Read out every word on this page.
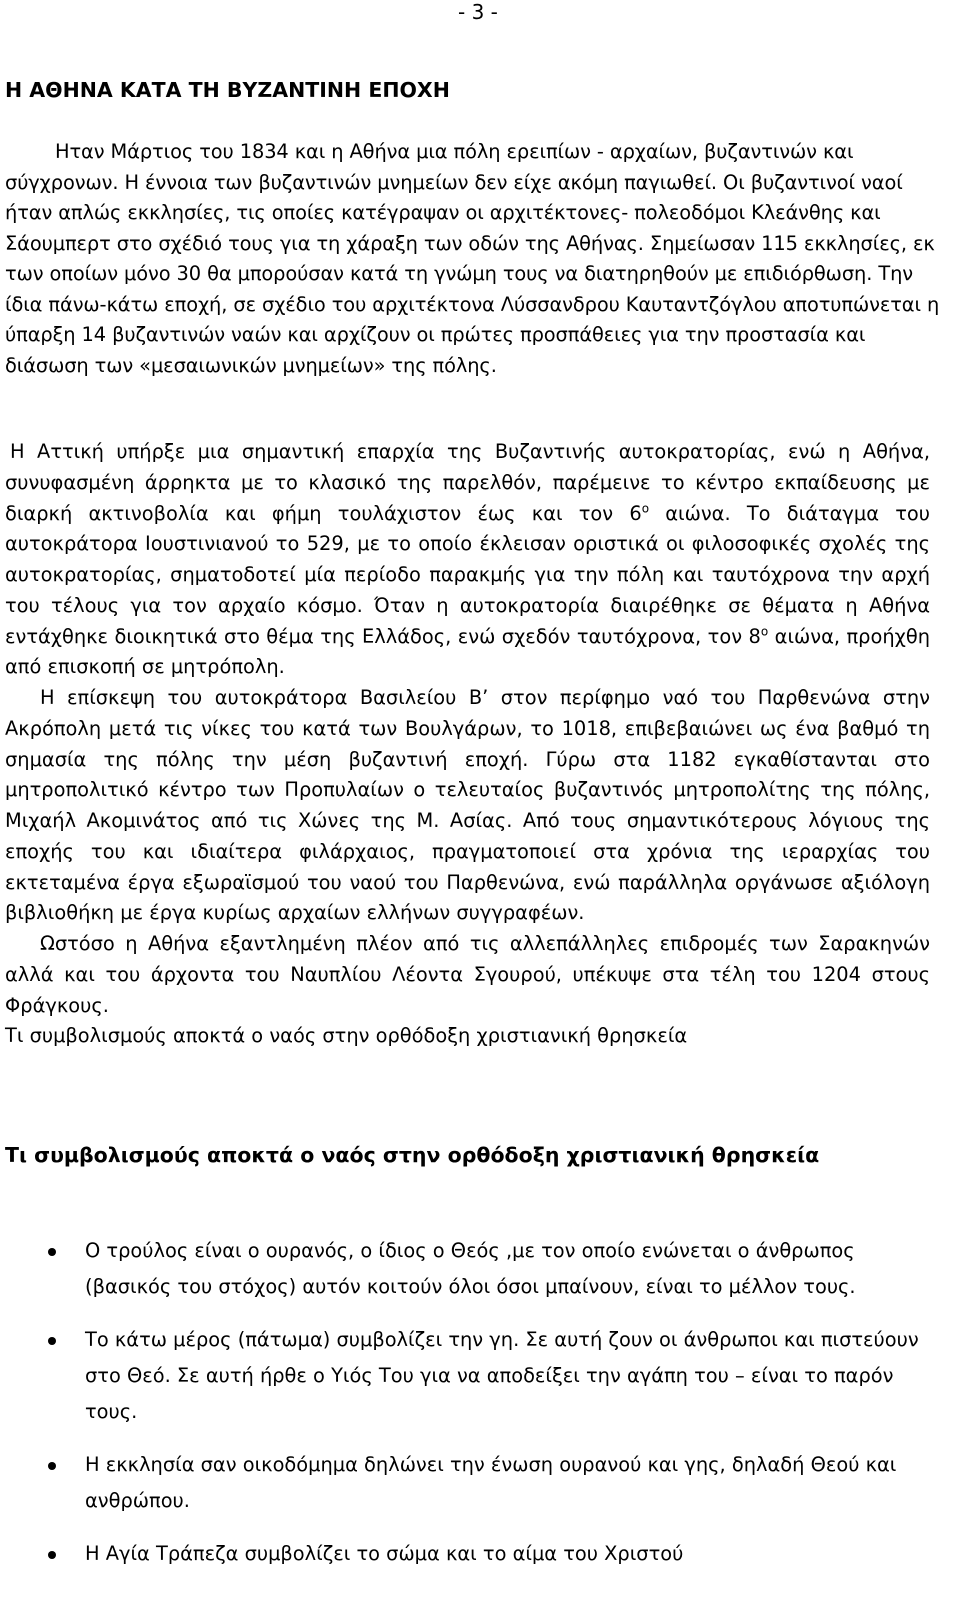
- 3 -
Η ΑΘΗΝΑ ΚΑΤΑ ΤΗ ΒΥΖΑΝΤΙΝΗ ΕΠΟΧΗ
Ηταν Μάρτιος του 1834 και η Αθήνα μια πόλη ερειπίων - αρχαίων, βυζαντινών και σύγχρονων. Η έννοια των βυζαντινών μνημείων δεν είχε ακόμη παγιωθεί. Οι βυζαντινοί ναοί ήταν απλώς εκκλησίες, τις οποίες κατέγραψαν οι αρχιτέκτονες- πολεοδόμοι Κλεάνθης και Σάουμπερτ στο σχέδιό τους για τη χάραξη των οδών της Αθήνας. Σημείωσαν 115 εκκλησίες, εκ των οποίων μόνο 30 θα μπορούσαν κατά τη γνώμη τους να διατηρηθούν με επιδιόρθωση. Την ίδια πάνω-κάτω εποχή, σε σχέδιο του αρχιτέκτονα Λύσσανδρου Καυταντζόγλου αποτυπώνεται η ύπαρξη 14 βυζαντινών ναών και αρχίζουν οι πρώτες προσπάθειες για την προστασία και διάσωση των «μεσαιωνικών μνημείων» της πόλης.

Η Αττική υπήρξε μια σημαντική επαρχία της Βυζαντινής αυτοκρατορίας, ενώ η Αθήνα, συνυφασμένη άρρηκτα με το κλασικό της παρελθόν, παρέμεινε το κέντρο εκπαίδευσης με διαρκή ακτινοβολία και φήμη τουλάχιστον έως και τον $6^o$ αιώνα. Το διάταγμα του αυτοκράτορα Ιουστινιανού το 529, με το οποίο έκλεισαν οριστικά οι φιλοσοφικές σχολές της αυτοκρατορίας, σηματοδοτεί μία περίοδο παρακμής για την πόλη και ταυτόχρονα την αρχή του τέλους για τον αρχαίο κόσμο. Όταν η αυτοκρατορία διαιρέθηκε σε θέματα η Αθήνα εντάχθηκε διοικητικά στο θέμα της Ελλάδος, ενώ σχεδόν ταυτόχρονα, τον $8^o$ αιώνα, προήχθη από επισκοπή σε μητρόπολη.

Η επίσκεψη του αυτοκράτορα Βασιλείου Β’ στον περίφημο ναό του Παρθενώνα στην Ακρόπολη μετά τις νίκες του κατά των Βουλγάρων, το 1018, επιβεβαιώνει ως ένα βαθμό τη σημασία της πόλης την μέση βυζαντινή εποχή. Γύρω στα 1182 εγκαθίστανται στο μητροπολιτικό κέντρο των Προπυλαίων ο τελευταίος βυζαντινός μητροπολίτης της πόλης, Μιχαήλ Ακομινάτος από τις Χώνες της Μ. Ασίας. Από τους σημαντικότερους λόγιους της εποχής του και ιδιαίτερα φιλάρχαιος, πραγματοποιεί στα χρόνια της ιεραρχίας του εκτεταμένα έργα εξωραϊσμού του ναού του Παρθενώνα, ενώ παράλληλα οργάνωσε αξιόλογη βιβλιοθήκη με έργα κυρίως αρχαίων ελλήνων συγγραφέων.

Ωστόσο η Αθήνα εξαντλημένη πλέον από τις αλλεπάλληλες επιδρομές των Σαρακηνών αλλά και του άρχοντα του Ναυπλίου Λέοντα Σγουρού, υπέκυψε στα τέλη του 1204 στους Φράγκους.

Τι συμβολισμούς αποκτά ο ναός στην ορθόδοξη χριστιανική θρησκεία

Τι συμβολισμούς αποκτά ο ναός στην ορθόδοξη χριστιανική θρησκεία
Ο τρούλος είναι ο ουρανός, ο ίδιος ο Θεός ,με τον οποίο ενώνεται ο άνθρωπος (βασικός του στόχος) αυτόν κοιτούν όλοι όσοι μπαίνουν, είναι το μέλλον τους.
Το κάτω μέρος (πάτωμα) συμβολίζει την γη. Σε αυτή ζουν οι άνθρωποι και πιστεύουν στο Θεό. Σε αυτή ήρθε ο Υιός Του για να αποδείξει την αγάπη του – είναι το παρόν τους.
Η εκκλησία σαν οικοδόμημα δηλώνει την ένωση ουρανού και γης, δηλαδή Θεού και ανθρώπου.
Η Αγία Τράπεζα συμβολίζει το σώμα και το αίμα του Χριστού
